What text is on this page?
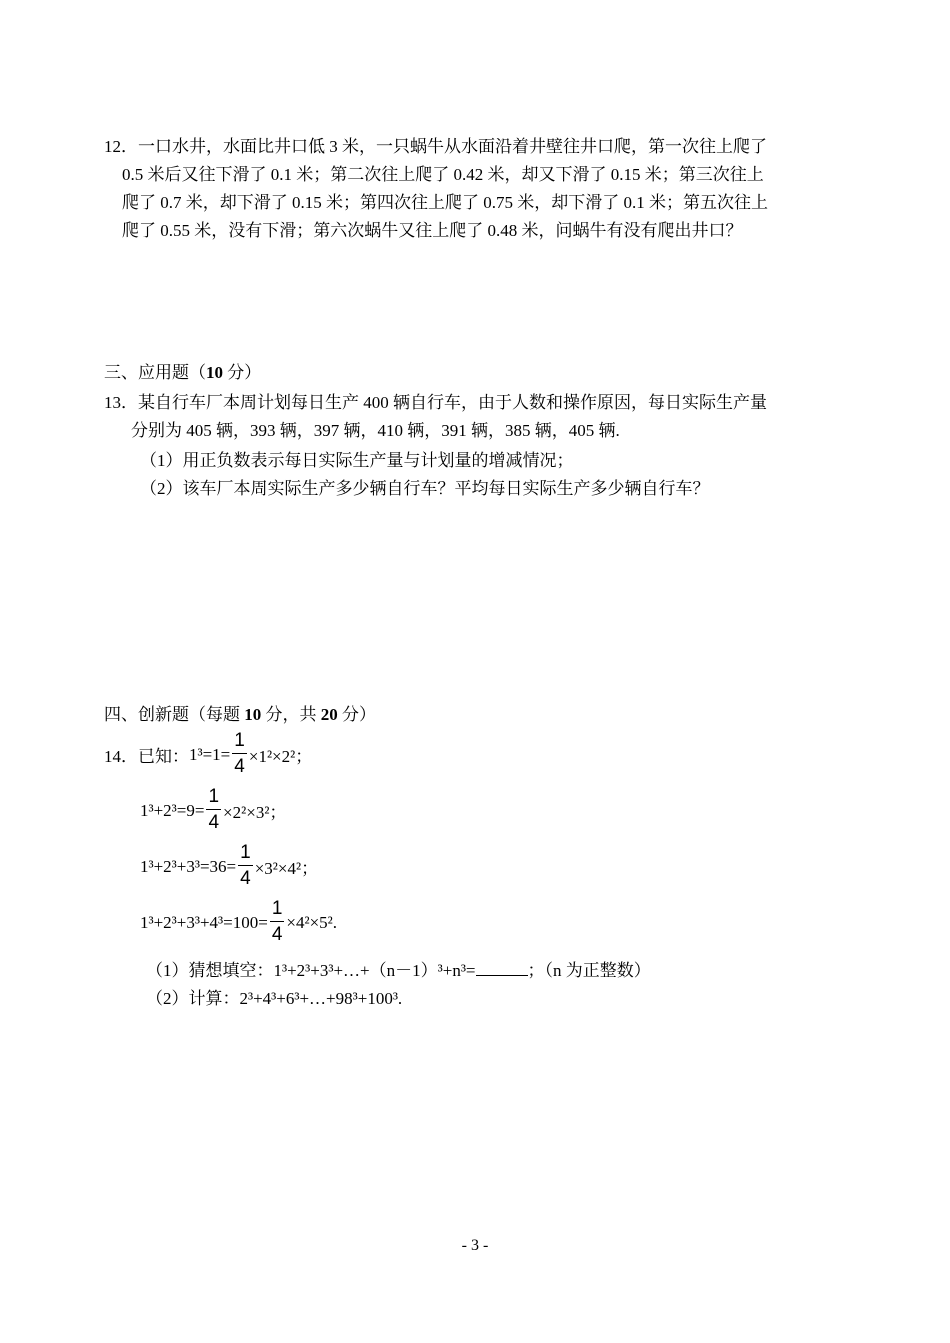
12．一口水井，水面比井口低 3 米，一只蜗牛从水面沿着井壁往井口爬，第一次往上爬了
0.5 米后又往下滑了 0.1 米；第二次往上爬了 0.42 米，却又下滑了 0.15 米；第三次往上
爬了 0.7 米，却下滑了 0.15 米；第四次往上爬了 0.75 米，却下滑了 0.1 米；第五次往上
爬了 0.55 米，没有下滑；第六次蜗牛又往上爬了 0.48 米，问蜗牛有没有爬出井口？
三、应用题（10 分）
13．某自行车厂本周计划每日生产 400 辆自行车，由于人数和操作原因，每日实际生产量
分别为 405 辆，393 辆，397 辆，410 辆，391 辆，385 辆，405 辆.
（1）用正负数表示每日实际生产量与计划量的增减情况；
（2）该车厂本周实际生产多少辆自行车？平均每日实际生产多少辆自行车？
四、创新题（每题 10 分，共 20 分）
14．已知：$1^3=1= \frac{1}{4} \times 1^2\times 2^2$；
$1^3+2^3=9= \frac{1}{4} \times 2^2\times 3^2$；
$1^3+2^3+3^3=36= \frac{1}{4} \times 3^2\times 4^2$；
$1^3+2^3+3^3+4^3=100= \frac{1}{4} \times 4^2\times 5^2$.
（1）猜想填空：1³+2³+3³+…+（n－1）³+n³=	；（n 为正整数）
（2）计算：2³+4³+6³+…+98³+100³.
- 3 -
